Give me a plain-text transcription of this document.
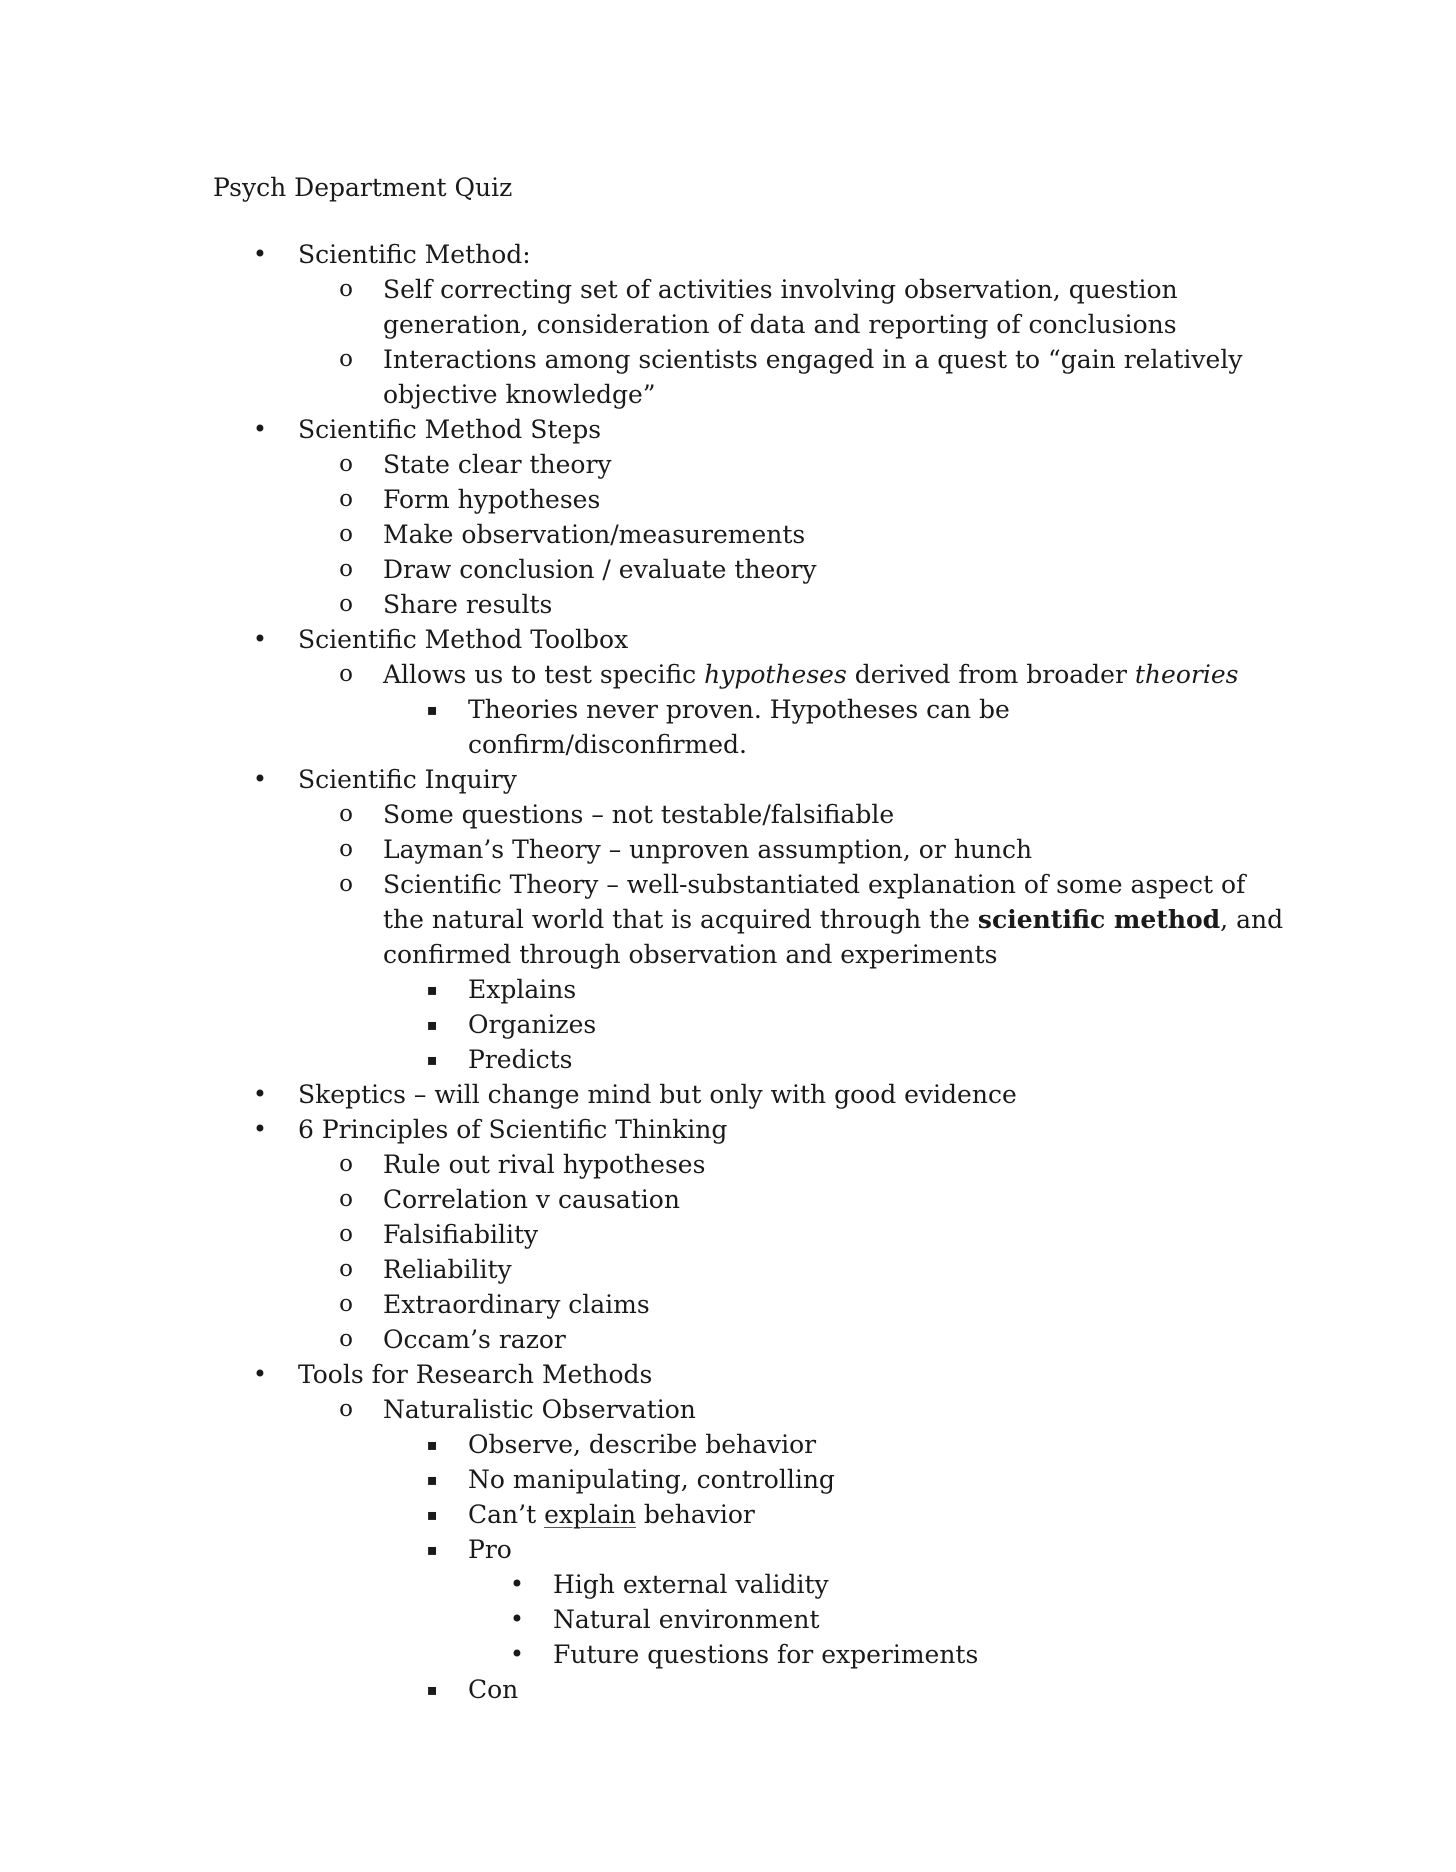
Psych Department Quiz
•
Scientific Method:
o
Self correcting set of activities involving observation, question
generation, consideration of data and reporting of conclusions
o
Interactions among scientists engaged in a quest to “gain relatively
objective knowledge”
•
Scientific Method Steps
o
State clear theory
o
Form hypotheses
o
Make observation/measurements
o
Draw conclusion / evaluate theory
o
Share results
•
Scientific Method Toolbox
o
Allows us to test specific hypotheses derived from broader theories
▪
Theories never proven. Hypotheses can be
confirm/disconfirmed.
•
Scientific Inquiry
o
Some questions – not testable/falsifiable
o
Layman’s Theory – unproven assumption, or hunch
o
Scientific Theory – well-substantiated explanation of some aspect of
the natural world that is acquired through the scientific method, and
confirmed through observation and experiments
▪
Explains
▪
Organizes
▪
Predicts
•
Skeptics – will change mind but only with good evidence
•
6 Principles of Scientific Thinking
o
Rule out rival hypotheses
o
Correlation v causation
o
Falsifiability
o
Reliability
o
Extraordinary claims
o
Occam’s razor
•
Tools for Research Methods
o
Naturalistic Observation
▪
Observe, describe behavior
▪
No manipulating, controlling
▪
Can’t explain behavior
▪
Pro
•
High external validity
•
Natural environment
•
Future questions for experiments
▪
Con
